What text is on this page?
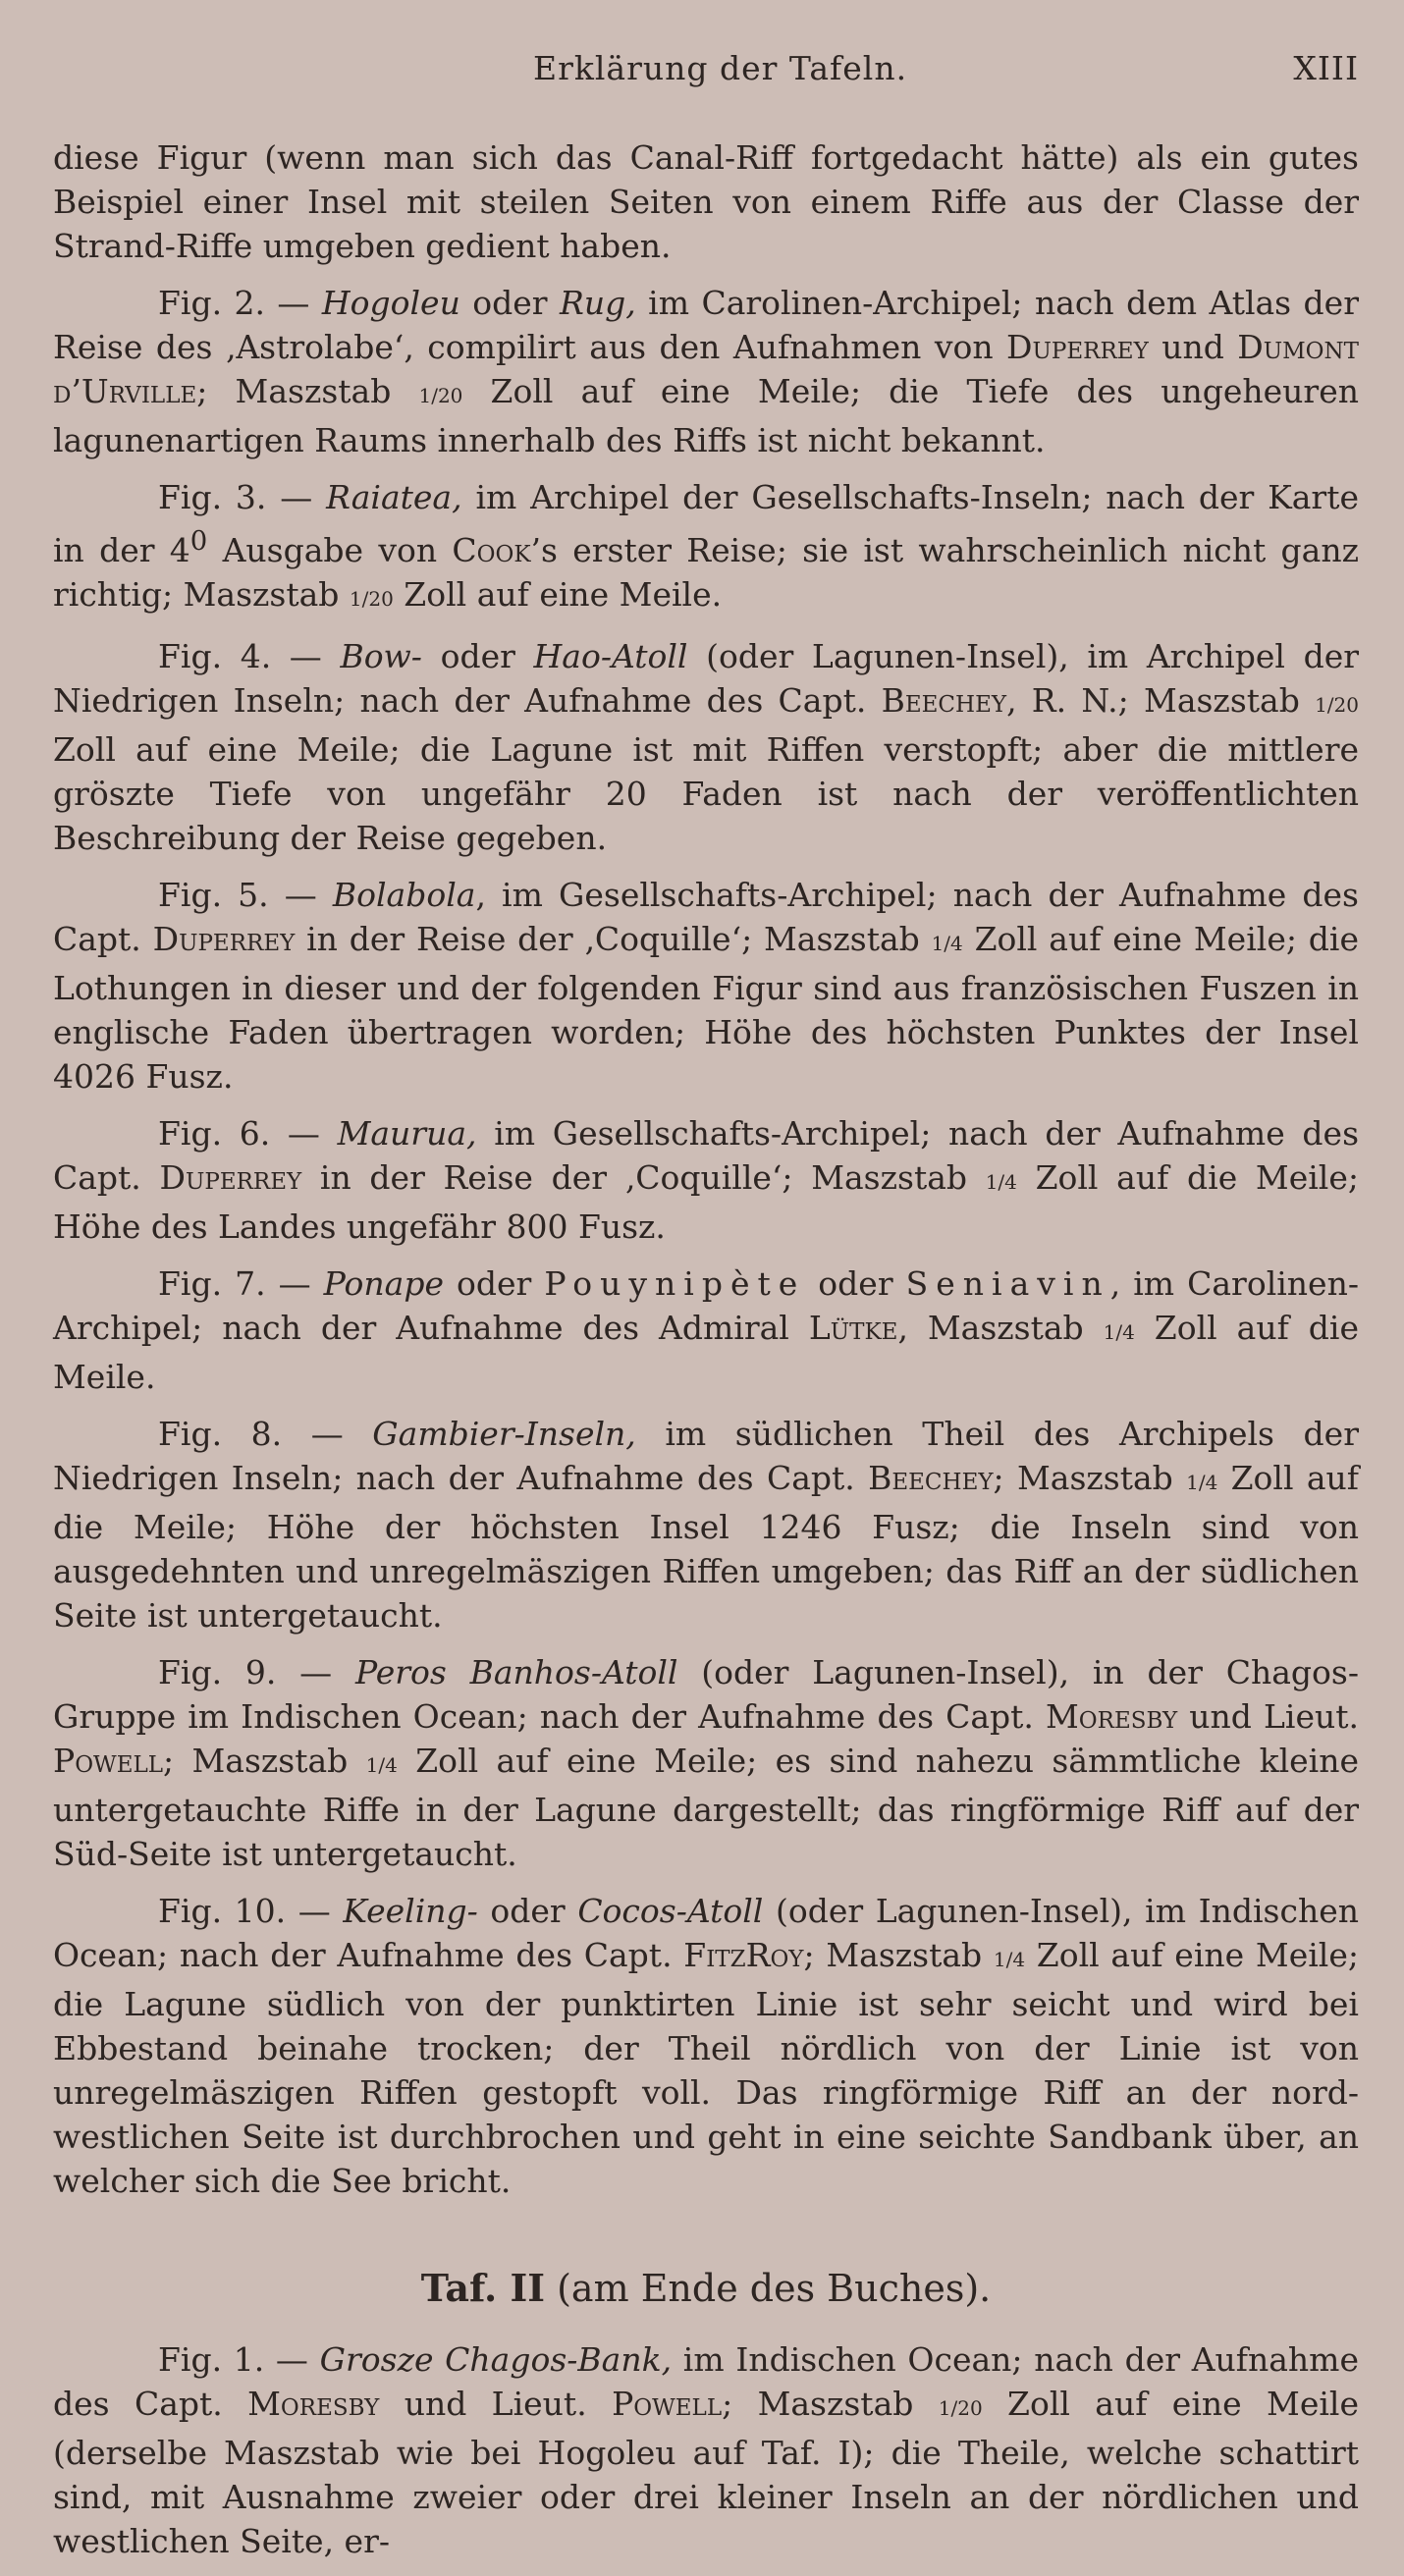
Erklärung der Tafeln.	XIII

diese Figur (wenn man sich das Canal-Riff fortgedacht hätte) als ein gutes Beispiel einer Insel mit steilen Seiten von einem Riffe aus der Classe der Strand-Riffe umgeben gedient haben.

Fig. 2. — Hogoleu oder Rug, im Carolinen-Archipel; nach dem Atlas der Reise des ‚Astrolabe‘, compilirt aus den Aufnahmen von Duperrey und Dumont d’Urville; Maszstab 1/20 Zoll auf eine Meile; die Tiefe des ungeheuren lagunenartigen Raums innerhalb des Riffs ist nicht bekannt.

Fig. 3. — Raiatea, im Archipel der Gesellschafts-Inseln; nach der Karte in der $4^0$ Ausgabe von Cook’s erster Reise; sie ist wahrscheinlich nicht ganz richtig; Maszstab 1/20 Zoll auf eine Meile.

Fig. 4. — Bow- oder Hao-Atoll (oder Lagunen-Insel), im Archipel der Niedrigen Inseln; nach der Aufnahme des Capt. Beechey, R. N.; Maszstab 1/20 Zoll auf eine Meile; die Lagune ist mit Riffen verstopft; aber die mittlere gröszte Tiefe von ungefähr 20 Faden ist nach der veröffentlichten Beschreibung der Reise gegeben.

Fig. 5. — Bolabola, im Gesellschafts-Archipel; nach der Aufnahme des Capt. Duperrey in der Reise der ‚Coquille‘; Maszstab 1/4 Zoll auf eine Meile; die Lothungen in dieser und der folgenden Figur sind aus französischen Fuszen in englische Faden übertragen worden; Höhe des höchsten Punktes der Insel 4026 Fusz.

Fig. 6. — Maurua, im Gesellschafts-Archipel; nach der Aufnahme des Capt. Duperrey in der Reise der ‚Coquille‘; Maszstab 1/4 Zoll auf die Meile; Höhe des Landes ungefähr 800 Fusz.

Fig. 7. — Ponape oder Pouynipète oder Seniavin, im Carolinen-Archipel; nach der Aufnahme des Admiral Lütke, Maszstab 1/4 Zoll auf die Meile.

Fig. 8. — Gambier-Inseln, im südlichen Theil des Archipels der Niedrigen Inseln; nach der Aufnahme des Capt. Beechey; Maszstab 1/4 Zoll auf die Meile; Höhe der höchsten Insel 1246 Fusz; die Inseln sind von ausgedehnten und unregelmäszigen Riffen umgeben; das Riff an der südlichen Seite ist untergetaucht.

Fig. 9. — Peros Banhos-Atoll (oder Lagunen-Insel), in der Chagos-Gruppe im Indischen Ocean; nach der Aufnahme des Capt. Moresby und Lieut. Powell; Maszstab 1/4 Zoll auf eine Meile; es sind nahezu sämmtliche kleine untergetauchte Riffe in der Lagune dargestellt; das ringförmige Riff auf der Süd-Seite ist untergetaucht.

Fig. 10. — Keeling- oder Cocos-Atoll (oder Lagunen-Insel), im Indischen Ocean; nach der Aufnahme des Capt. FitzRoy; Maszstab 1/4 Zoll auf eine Meile; die Lagune südlich von der punktirten Linie ist sehr seicht und wird bei Ebbestand beinahe trocken; der Theil nördlich von der Linie ist von unregelmäszigen Riffen gestopft voll. Das ringförmige Riff an der nord-westlichen Seite ist durchbrochen und geht in eine seichte Sandbank über, an welcher sich die See bricht.

Taf. II (am Ende des Buches).

Fig. 1. — Grosze Chagos-Bank, im Indischen Ocean; nach der Aufnahme des Capt. Moresby und Lieut. Powell; Maszstab 1/20 Zoll auf eine Meile (derselbe Maszstab wie bei Hogoleu auf Taf. I); die Theile, welche schattirt sind, mit Ausnahme zweier oder drei kleiner Inseln an der nördlichen und westlichen Seite, er-
